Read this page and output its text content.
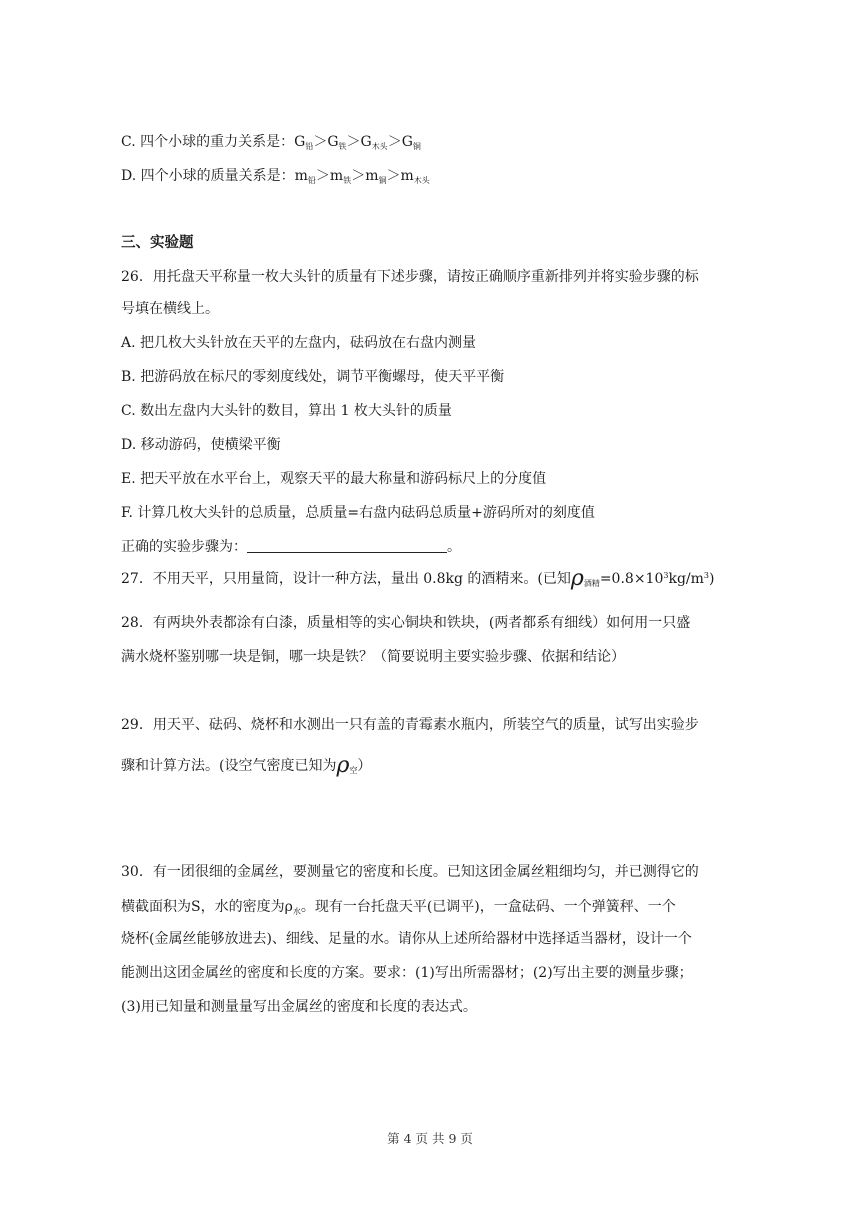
C. 四个小球的重力关系是：$G_铅>G_铁>G_{木头}>G_铜$
D. 四个小球的质量关系是：$m_铅>m_铁>m_铜>m_{木头}$
三、实验题
26．用托盘天平称量一枚大头针的质量有下述步骤，请按正确顺序重新排列并将实验步骤的标
号填在横线上。
A. 把几枚大头针放在天平的左盘内，砝码放在右盘内测量
B. 把游码放在标尺的零刻度线处，调节平衡螺母，使天平平衡
C. 数出左盘内大头针的数目，算出 1 枚大头针的质量
D. 移动游码，使横梁平衡
E. 把天平放在水平台上，观察天平的最大称量和游码标尺上的分度值
F. 计算几枚大头针的总质量，总质量=右盘内砝码总质量+游码所对的刻度值
正确的实验步骤为：	。
27．不用天平，只用量筒，设计一种方法，量出 0.8kg 的酒精来。(已知$\rho_{酒精}=0.8\times 10^3kg/m^3$)
28．有两块外表都涂有白漆，质量相等的实心铜块和铁块，(两者都系有细线）如何用一只盛
满水烧杯鉴别哪一块是铜，哪一块是铁？（简要说明主要实验步骤、依据和结论）
29．用天平、砝码、烧杯和水测出一只有盖的青霉素水瓶内，所装空气的质量，试写出实验步
骤和计算方法。(设空气密度已知为$\rho_空$）
30．有一团很细的金属丝，要测量它的密度和长度。已知这团金属丝粗细均匀，并已测得它的
横截面积为S，水的密度为$\rho_水$。现有一台托盘天平(已调平)，一盒砝码、一个弹簧秤、一个
烧杯(金属丝能够放进去)、细线、足量的水。请你从上述所给器材中选择适当器材，设计一个
能测出这团金属丝的密度和长度的方案。要求：(1)写出所需器材；(2)写出主要的测量步骤；
(3)用已知量和测量量写出金属丝的密度和长度的表达式。
第 4 页 共 9 页
